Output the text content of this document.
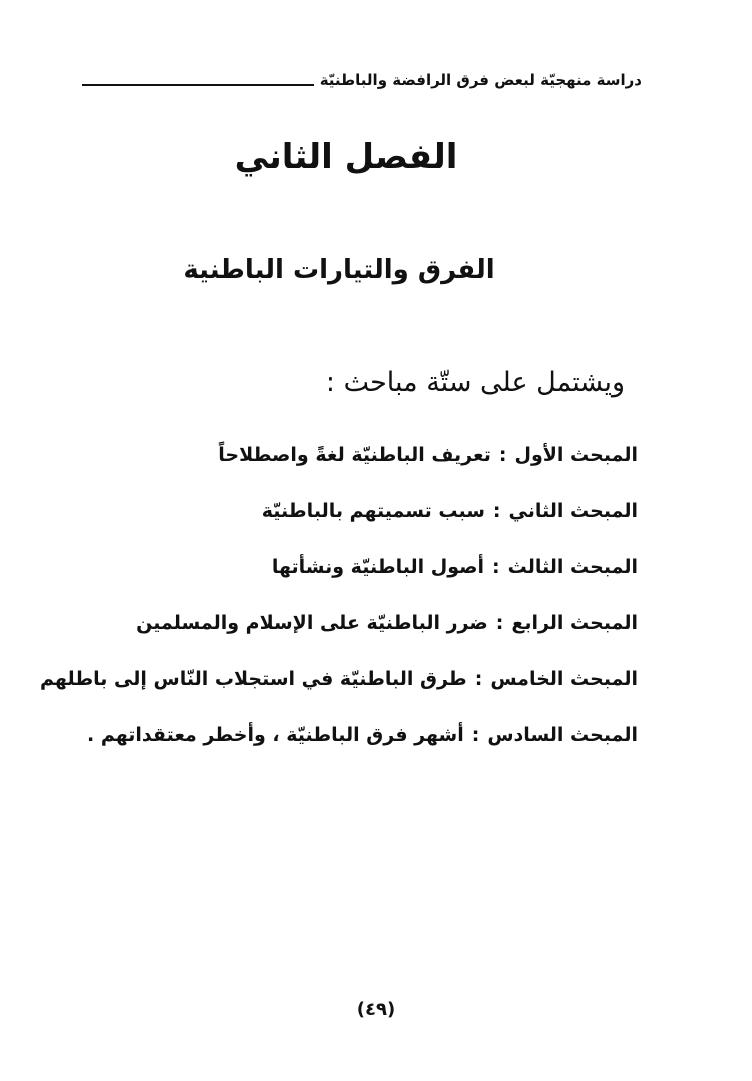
دراسة منهجيّة لبعض فرق الرافضة والباطنيّة
الفصل الثاني
الفرق والتيارات الباطنية
ويشتمل على ستّة مباحث :
المبحث الأول:تعريف الباطنيّة لغةً واصطلاحاً
المبحث الثاني:سبب تسميتهم بالباطنيّة
المبحث الثالث:أصول الباطنيّة ونشأتها
المبحث الرابع:ضرر الباطنيّة على الإسلام والمسلمين
المبحث الخامس:طرق الباطنيّة في استجلاب النّاس إلى باطلهم
المبحث السادس:أشهر فرق الباطنيّة ، وأخطر معتقداتهم .
(٤٩)
